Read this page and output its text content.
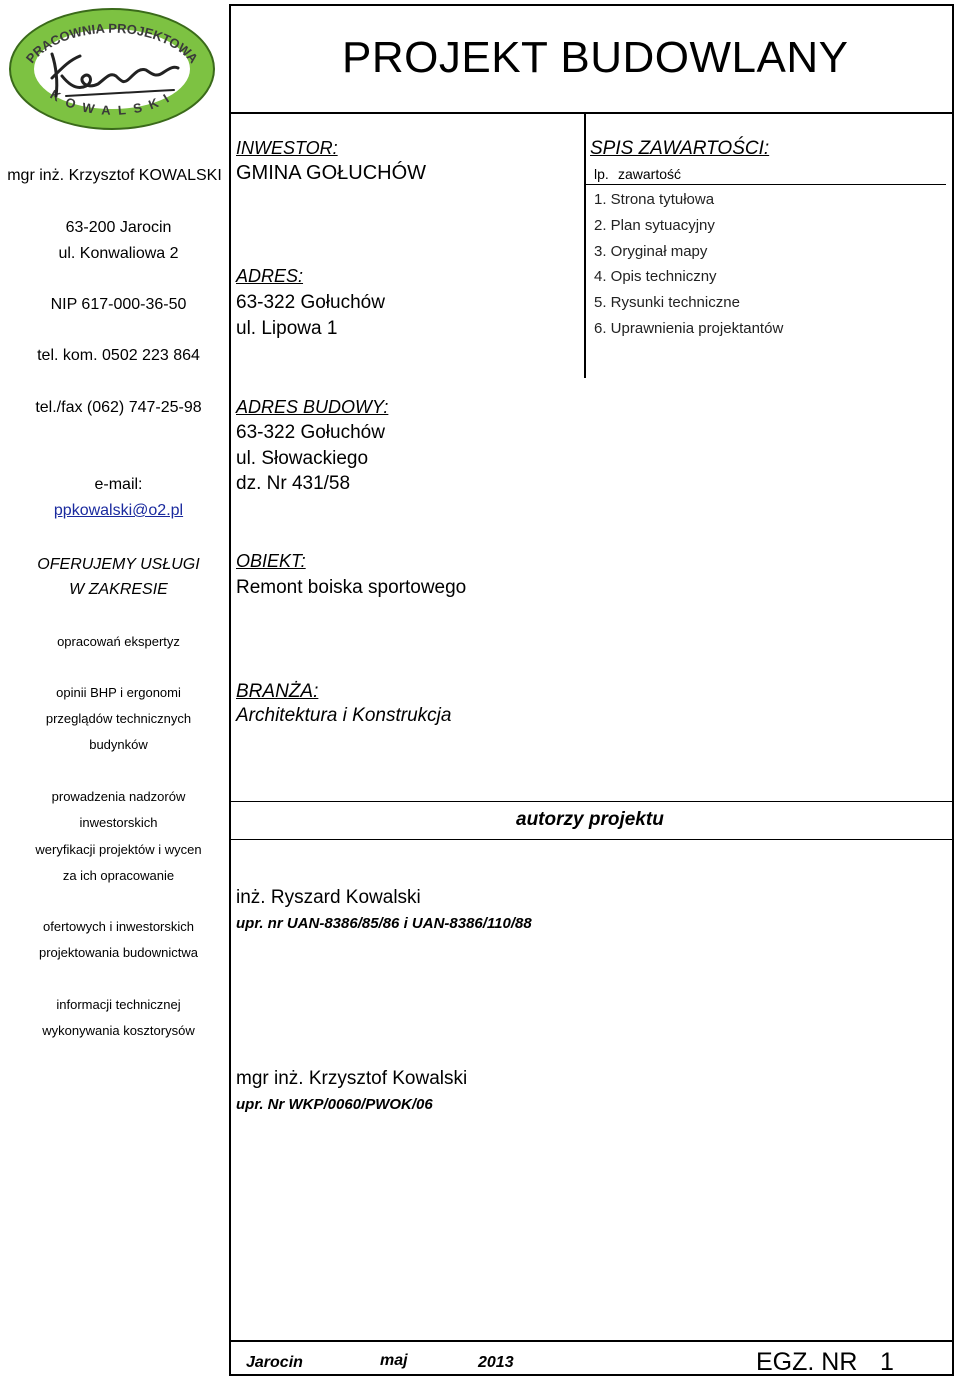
PRACOWNIA PROJEKTOWA
KOWALSKI
PROJEKT BUDOWLANY
mgr inż. Krzysztof KOWALSKI
63-200 Jarocin
ul. Konwaliowa 2
NIP 617-000-36-50
tel. kom. 0502 223 864
tel./fax (062) 747-25-98
e-mail:
ppkowalski@o2.pl
OFERUJEMY USŁUGI
W ZAKRESIE
opracowań ekspertyz
opinii BHP i ergonomi
przeglądów technicznych
budynków
prowadzenia nadzorów
inwestorskich
weryfikacji projektów i wycen
za ich opracowanie
ofertowych i inwestorskich
projektowania budownictwa
informacji technicznej
wykonywania kosztorysów
INWESTOR:
GMINA GOŁUCHÓW
ADRES:
63-322 Gołuchów
ul. Lipowa 1
ADRES BUDOWY:
63-322 Gołuchów
ul. Słowackiego
dz. Nr 431/58
OBIEKT:
Remont boiska sportowego
BRANŻA:
Architektura i Konstrukcja
SPIS ZAWARTOŚCI:
lp. zawartość
1. Strona tytułowa
2. Plan sytuacyjny
3. Oryginał mapy
4. Opis techniczny
5. Rysunki techniczne
6. Uprawnienia projektantów
autorzy projektu
inż. Ryszard Kowalski
upr. nr UAN-8386/85/86 i UAN-8386/110/88
mgr inż. Krzysztof Kowalski
upr. Nr WKP/0060/PWOK/06
Jarocin	maj	2013	EGZ. NR 1
